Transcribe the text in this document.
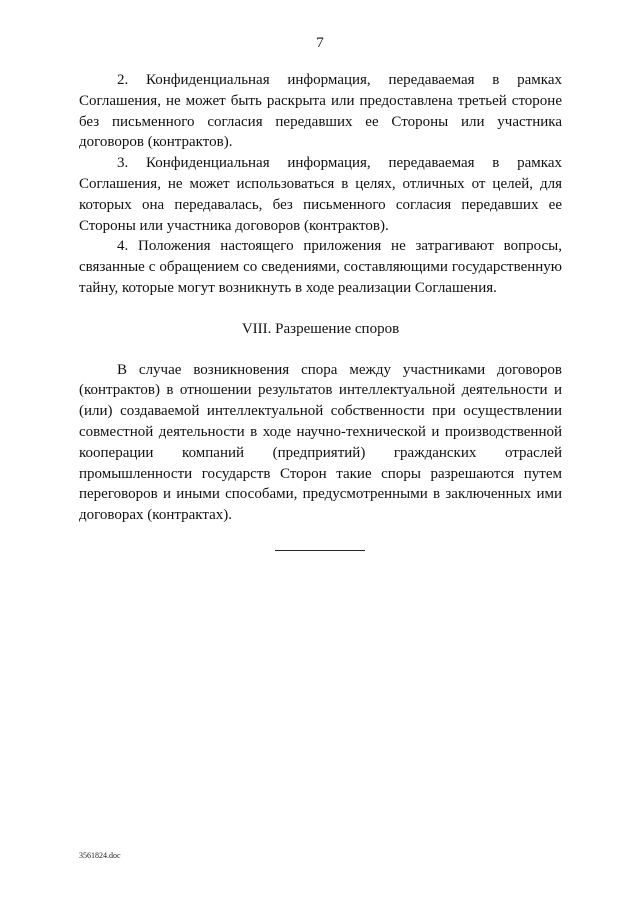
7

2. Конфиденциальная информация, передаваемая в рамках Соглашения, не может быть раскрыта или предоставлена третьей стороне без письменного согласия передавших ее Стороны или участника договоров (контрактов).

3. Конфиденциальная информация, передаваемая в рамках Соглашения, не может использоваться в целях, отличных от целей, для которых она передавалась, без письменного согласия передавших ее Стороны или участника договоров (контрактов).

4. Положения настоящего приложения не затрагивают вопросы, связанные с обращением со сведениями, составляющими государственную тайну, которые могут возникнуть в ходе реализации Соглашения.

VIII. Разрешение споров

В случае возникновения спора между участниками договоров (контрактов) в отношении результатов интеллектуальной деятельности и (или) создаваемой интеллектуальной собственности при осуществлении совместной деятельности в ходе научно-технической и производственной кооперации компаний (предприятий) гражданских отраслей промышленности государств Сторон такие споры разрешаются путем переговоров и иными способами, предусмотренными в заключенных ими договорах (контрактах).

3561824.doc
